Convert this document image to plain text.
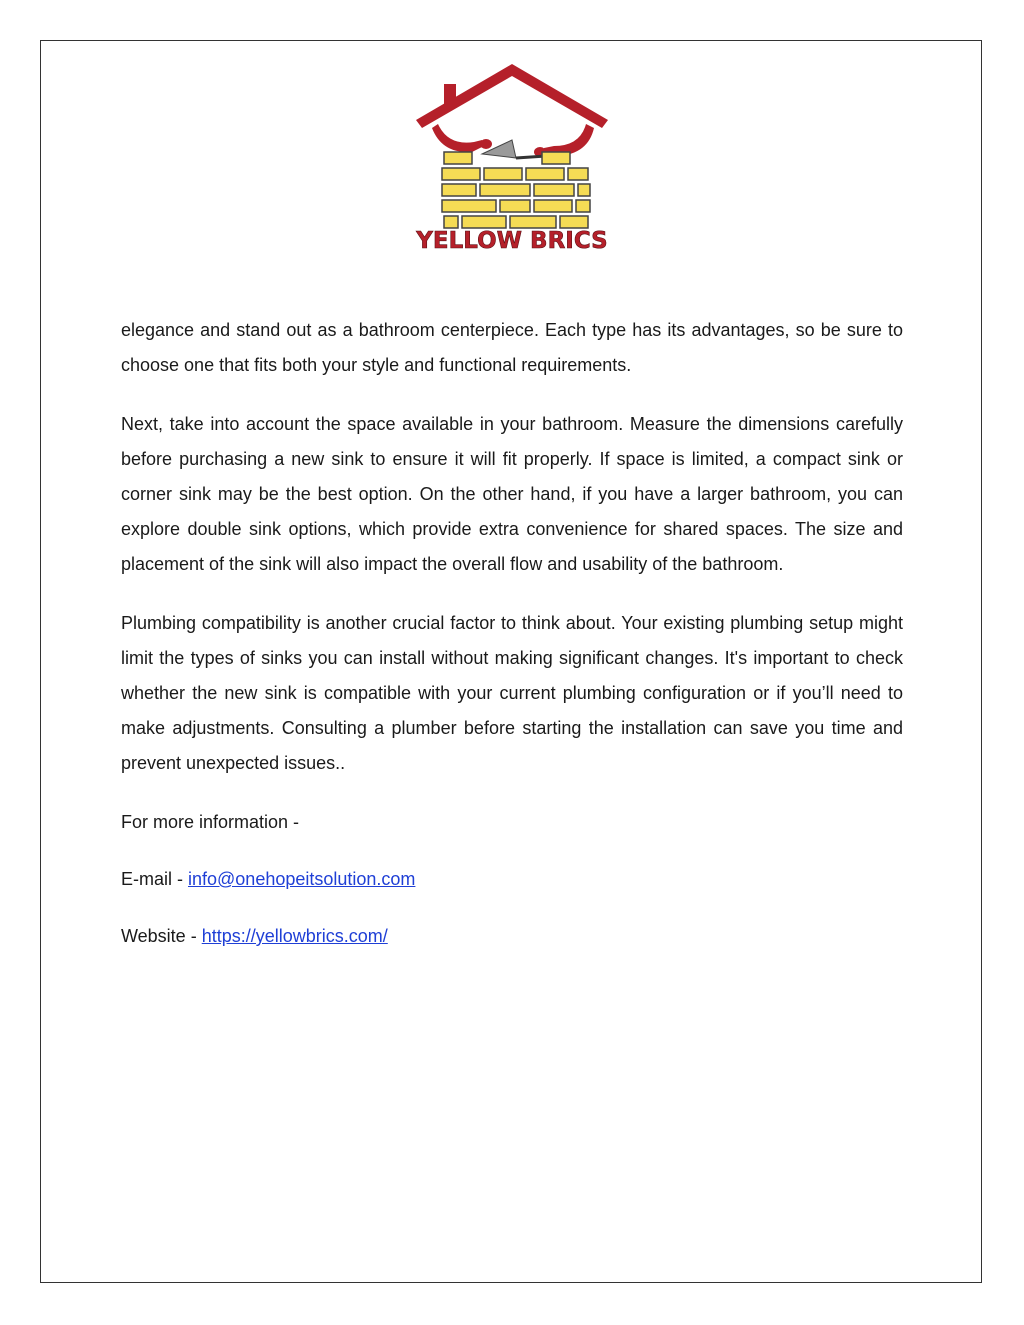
YELLOW BRICS

elegance and stand out as a bathroom centerpiece. Each type has its advantages, so be sure to choose one that fits both your style and functional requirements.

Next, take into account the space available in your bathroom. Measure the dimensions carefully before purchasing a new sink to ensure it will fit properly. If space is limited, a compact sink or corner sink may be the best option. On the other hand, if you have a larger bathroom, you can explore double sink options, which provide extra convenience for shared spaces. The size and placement of the sink will also impact the overall flow and usability of the bathroom.

Plumbing compatibility is another crucial factor to think about. Your existing plumbing setup might limit the types of sinks you can install without making significant changes. It's important to check whether the new sink is compatible with your current plumbing configuration or if you’ll need to make adjustments. Consulting a plumber before starting the installation can save you time and prevent unexpected issues..

For more information -
E-mail - info@onehopeitsolution.com
Website - https://yellowbrics.com/
